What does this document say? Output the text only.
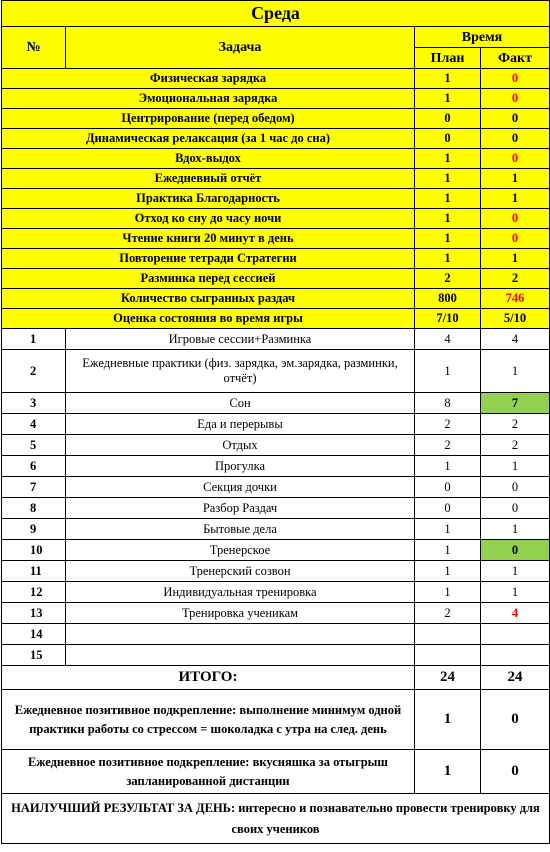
Среда			
№	Задача	Время	
		План	Факт
Физическая зарядка		1	0
Эмоциональная зарядка		1	0
Центрирование (перед обедом)		0	0
Динамическая релаксация (за 1 час до сна)		0	0
Вдох-выдох		1	0
Ежедневный отчёт		1	1
Практика Благодарность		1	1
Отход ко сну до часу ночи		1	0
Чтение книги 20 минут в день		1	0
Повторение тетради Стратегии		1	1
Разминка перед сессией		2	2
Количество сыгранных раздач		800	746
Оценка состояния во время игры		7/10	5/10
1	Игровые сессии+Разминка	4	4
2	Ежедневные практики (физ. зарядка, эм.зарядка, разминки, отчёт)	1	1
3	Сон	8	7
4	Еда и перерывы	2	2
5	Отдых	2	2
6	Прогулка	1	1
7	Секция дочки	0	0
8	Разбор Раздач	0	0
9	Бытовые дела	1	1
10	Тренерское	1	0
11	Тренерский созвон	1	1
12	Индивидуальная тренировка	1	1
13	Тренировка ученикам	2	4
14			
15			
ИТОГО:		24	24
Ежедневное позитивное подкрепление: выполнение минимум одной практики работы со стрессом = шоколадка с утра на след. день		1	0
Ежедневное позитивное подкрепление: вкусняшка за отыгрыш запланированной дистанции		1	0
НАИЛУЧШИЙ РЕЗУЛЬТАТ ЗА ДЕНЬ: интересно и познавательно провести тренировку для своих учеников			
